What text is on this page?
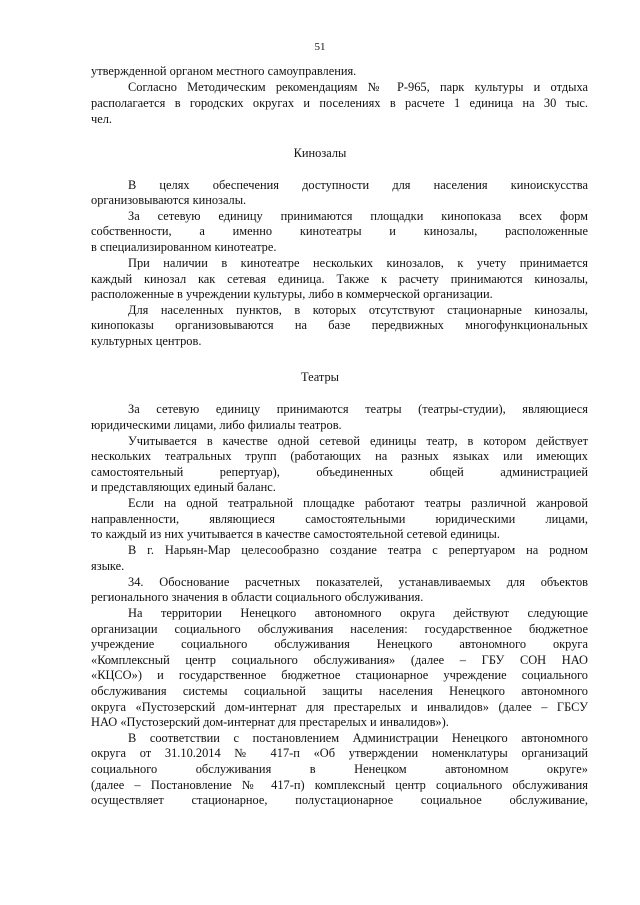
51
утвержденной органом местного самоуправления.
Согласно Методическим рекомендациям № Р-965, парк культуры и отдыха
располагается в городских округах и поселениях в расчете 1 единица на 30 тыс.
чел.
Кинозалы
В целях обеспечения доступности для населения киноискусства
организовываются кинозалы.
За сетевую единицу принимаются площадки кинопоказа всех форм
собственности, а именно кинотеатры и кинозалы, расположенные
в специализированном кинотеатре.
При наличии в кинотеатре нескольких кинозалов, к учету принимается
каждый кинозал как сетевая единица. Также к расчету принимаются кинозалы,
расположенные в учреждении культуры, либо в коммерческой организации.
Для населенных пунктов, в которых отсутствуют стационарные кинозалы,
кинопоказы организовываются на базе передвижных многофункциональных
культурных центров.
Театры
За сетевую единицу принимаются театры (театры-студии), являющиеся
юридическими лицами, либо филиалы театров.
Учитывается в качестве одной сетевой единицы театр, в котором действует
нескольких театральных трупп (работающих на разных языках или имеющих
самостоятельный репертуар), объединенных общей администрацией
и представляющих единый баланс.
Если на одной театральной площадке работают театры различной жанровой
направленности, являющиеся самостоятельными юридическими лицами,
то каждый из них учитывается в качестве самостоятельной сетевой единицы.
В г. Нарьян-Мар целесообразно создание театра с репертуаром на родном
языке.
34. Обоснование расчетных показателей, устанавливаемых для объектов
регионального значения в области социального обслуживания.
На территории Ненецкого автономного округа действуют следующие
организации социального обслуживания населения: государственное бюджетное
учреждение социального обслуживания Ненецкого автономного округа
«Комплексный центр социального обслуживания» (далее – ГБУ СОН НАО
«КЦСО») и государственное бюджетное стационарное учреждение социального
обслуживания системы социальной защиты населения Ненецкого автономного
округа «Пустозерский дом-интернат для престарелых и инвалидов» (далее – ГБСУ
НАО «Пустозерский дом-интернат для престарелых и инвалидов»).
В соответствии с постановлением Администрации Ненецкого автономного
округа от 31.10.2014 № 417-п «Об утверждении номенклатуры организаций
социального обслуживания в Ненецком автономном округе»
(далее – Постановление № 417-п) комплексный центр социального обслуживания
осуществляет стационарное, полустационарное социальное обслуживание,
